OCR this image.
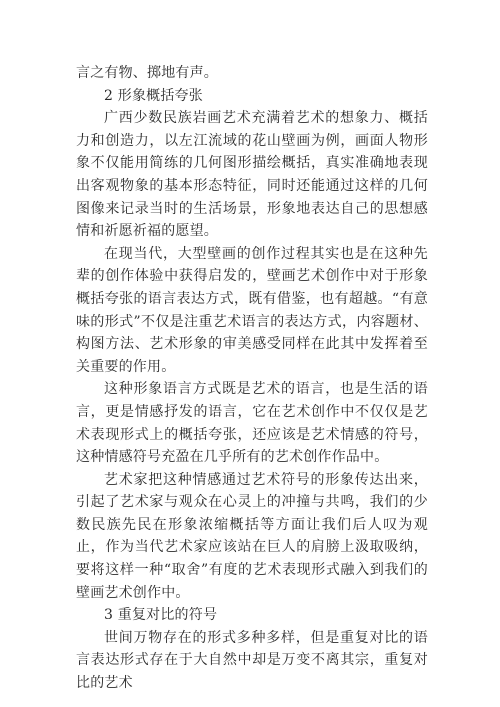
言之有物、掷地有声。

2 形象概括夸张

广西少数民族岩画艺术充满着艺术的想象力、概括力和创造力，以左江流域的花山壁画为例，画面人物形象不仅能用简练的几何图形描绘概括，真实准确地表现出客观物象的基本形态特征，同时还能通过这样的几何图像来记录当时的生活场景，形象地表达自己的思想感情和祈愿祈福的愿望。

在现当代，大型壁画的创作过程其实也是在这种先辈的创作体验中获得启发的，壁画艺术创作中对于形象概括夸张的语言表达方式，既有借鉴，也有超越。“有意味的形式”不仅是注重艺术语言的表达方式，内容题材、构图方法、艺术形象的审美感受同样在此其中发挥着至关重要的作用。

这种形象语言方式既是艺术的语言，也是生活的语言，更是情感抒发的语言，它在艺术创作中不仅仅是艺术表现形式上的概括夸张，还应该是艺术情感的符号，这种情感符号充盈在几乎所有的艺术创作作品中。

艺术家把这种情感通过艺术符号的形象传达出来，引起了艺术家与观众在心灵上的冲撞与共鸣，我们的少数民族先民在形象浓缩概括等方面让我们后人叹为观止，作为当代艺术家应该站在巨人的肩膀上汲取吸纳，要将这样一种“取舍”有度的艺术表现形式融入到我们的壁画艺术创作中。

3 重复对比的符号

世间万物存在的形式多种多样，但是重复对比的语言表达形式存在于大自然中却是万变不离其宗，重复对比的艺术
